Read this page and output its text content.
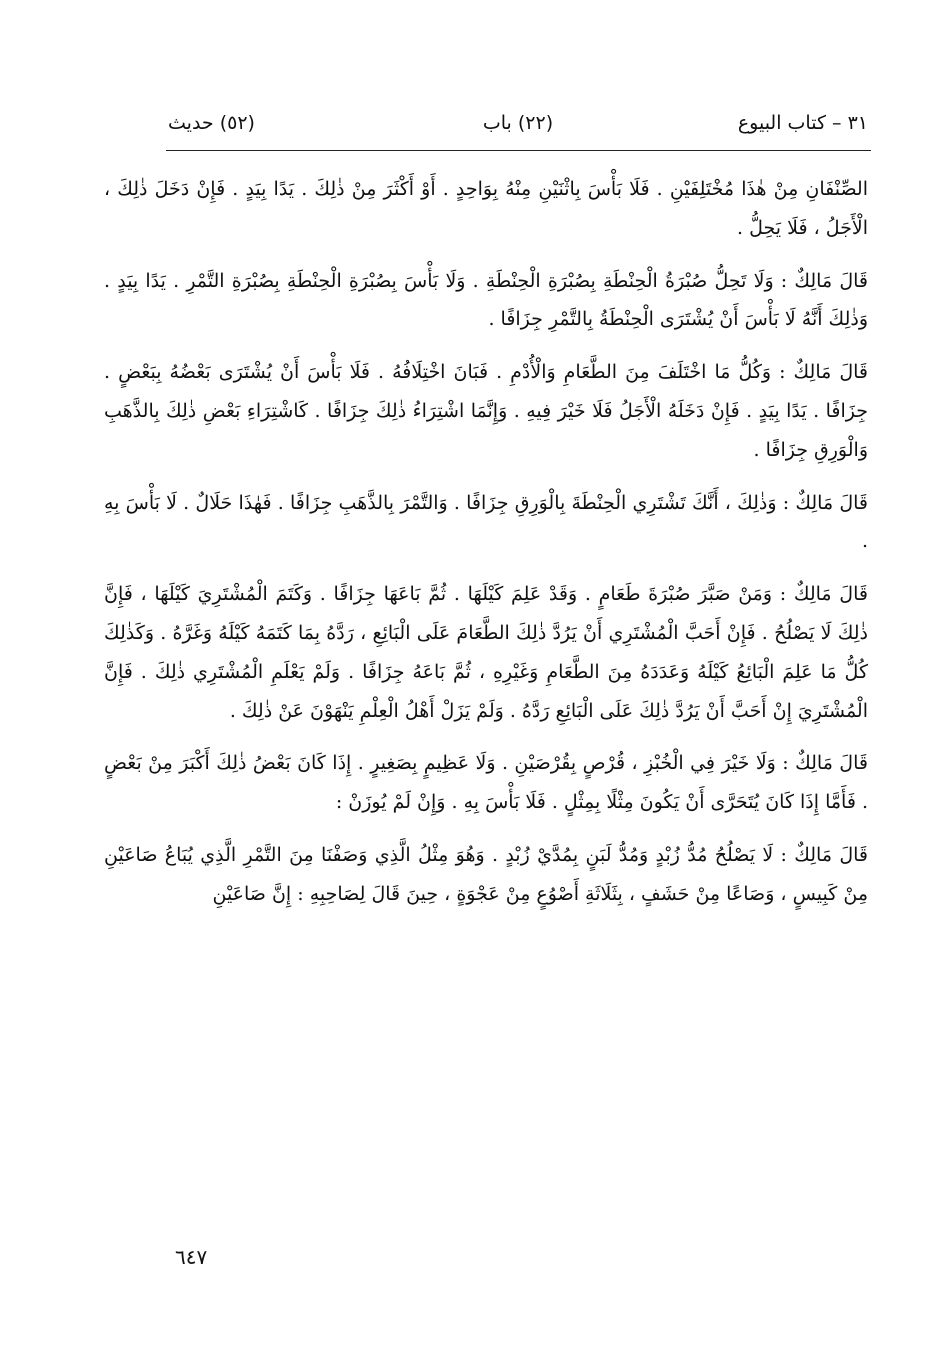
٣١ – كتاب البيوع
(٢٢) باب
(٥٢) حديث

الصِّنْفَانِ مِنْ هٰذَا مُخْتَلِفَيْنِ . فَلَا بَأْسَ بِاثْنَيْنِ مِنْهُ بِوَاحِدٍ . أَوْ أَكْثَرَ مِنْ ذٰلِكَ . يَدًا بِيَدٍ . فَإِنْ دَخَلَ ذٰلِكَ ، الْأَجَلُ ، فَلَا يَحِلُّ .

قَالَ مَالِكٌ : وَلَا تَحِلُّ صُبْرَةُ الْحِنْطَةِ بِصُبْرَةِ الْحِنْطَةِ . وَلَا بَأْسَ بِصُبْرَةِ الْحِنْطَةِ بِصُبْرَةِ التَّمْرِ . يَدًا بِيَدٍ . وَذٰلِكَ أَنَّهُ لَا بَأْسَ أَنْ يُشْتَرَى الْحِنْطَةُ بِالتَّمْرِ جِزَافًا .

قَالَ مَالِكٌ : وَكُلُّ مَا اخْتَلَفَ مِنَ الطَّعَامِ وَالْأُدْمِ . فَبَانَ اخْتِلَافُهُ . فَلَا بَأْسَ أَنْ يُشْتَرَى بَعْضُهُ بِبَعْضٍ . جِزَافًا . يَدًا بِيَدٍ . فَإِنْ دَخَلَهُ الْأَجَلُ فَلَا خَيْرَ فِيهِ . وَإِنَّمَا اشْتِرَاءُ ذٰلِكَ جِزَافًا . كَاشْتِرَاءِ بَعْضِ ذٰلِكَ بِالذَّهَبِ وَالْوَرِقِ جِزَافًا .

قَالَ مَالِكٌ : وَذٰلِكَ ، أَنَّكَ تَشْتَرِي الْحِنْطَةَ بِالْوَرِقِ جِزَافًا . وَالتَّمْرَ بِالذَّهَبِ جِزَافًا . فَهٰذَا حَلَالٌ . لَا بَأْسَ بِهِ .

قَالَ مَالِكٌ : وَمَنْ صَبَّرَ صُبْرَةَ طَعَامٍ . وَقَدْ عَلِمَ كَيْلَهَا . ثُمَّ بَاعَهَا جِزَافًا . وَكَتَمَ الْمُشْتَرِيَ كَيْلَهَا ، فَإِنَّ ذٰلِكَ لَا يَصْلُحُ . فَإِنْ أَحَبَّ الْمُشْتَرِي أَنْ يَرُدَّ ذٰلِكَ الطَّعَامَ عَلَى الْبَائِعِ ، رَدَّهُ بِمَا كَتَمَهُ كَيْلَهُ وَغَرَّهُ . وَكَذٰلِكَ كُلُّ مَا عَلِمَ الْبَائِعُ كَيْلَهُ وَعَدَدَهُ مِنَ الطَّعَامِ وَغَيْرِهِ ، ثُمَّ بَاعَهُ جِزَافًا . وَلَمْ يَعْلَمِ الْمُشْتَرِي ذٰلِكَ . فَإِنَّ الْمُشْتَرِيَ إِنْ أَحَبَّ أَنْ يَرُدَّ ذٰلِكَ عَلَى الْبَائِعِ رَدَّهُ . وَلَمْ يَزَلْ أَهْلُ الْعِلْمِ يَنْهَوْنَ عَنْ ذٰلِكَ .

قَالَ مَالِكٌ : وَلَا خَيْرَ فِي الْخُبْزِ ، قُرْصٍ بِقُرْصَيْنِ . وَلَا عَظِيمٍ بِصَغِيرٍ . إِذَا كَانَ بَعْضُ ذٰلِكَ أَكْبَرَ مِنْ بَعْضٍ . فَأَمَّا إِذَا كَانَ يُتَحَرَّى أَنْ يَكُونَ مِثْلًا بِمِثْلٍ . فَلَا بَأْسَ بِهِ . وَإِنْ لَمْ يُوزَنْ :

قَالَ مَالِكٌ : لَا يَصْلُحُ مُدُّ زُبْدٍ وَمُدُّ لَبَنٍ بِمُدَّيْ زُبْدٍ . وَهُوَ مِثْلُ الَّذِي وَصَفْنَا مِنَ التَّمْرِ الَّذِي يُبَاعُ صَاعَيْنِ مِنْ كَبِيسٍ ، وَصَاعًا مِنْ حَشَفٍ ، بِثَلَاثَةِ أَصْوُعٍ مِنْ عَجْوَةٍ ، حِينَ قَالَ لِصَاحِبِهِ : إِنَّ صَاعَيْنِ

٦٤٧
